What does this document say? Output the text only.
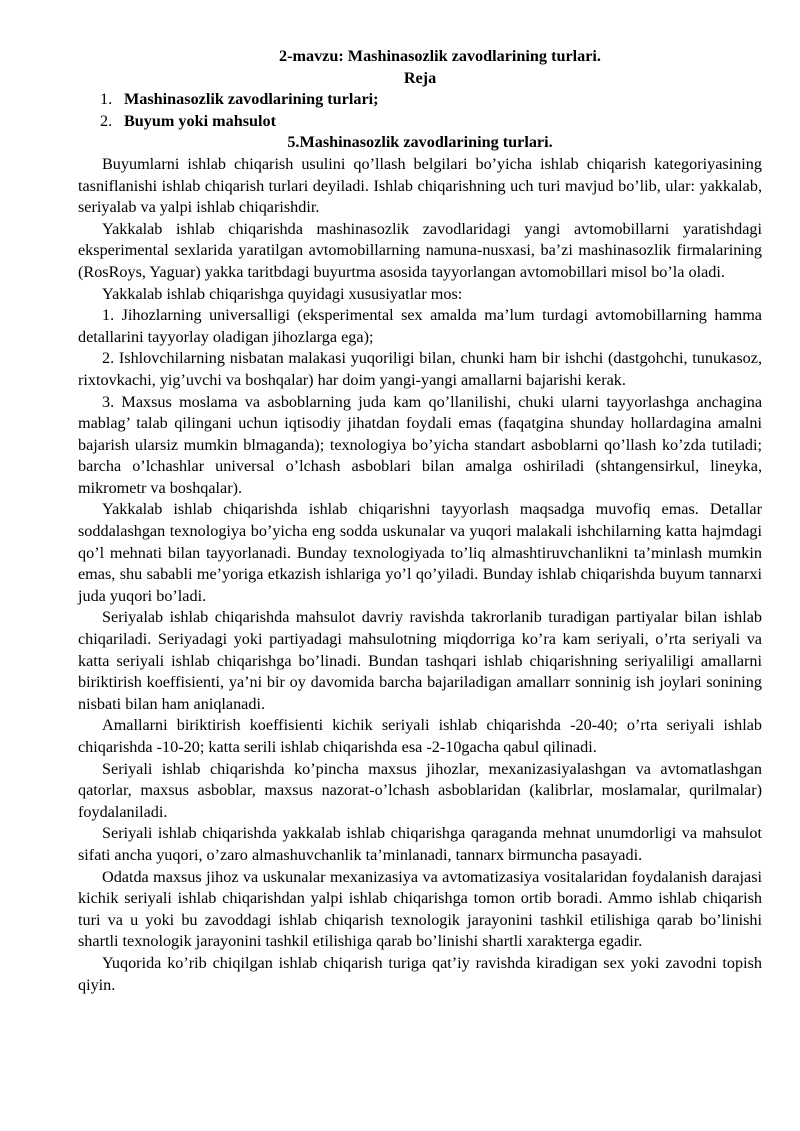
2-mavzu: Mashinasozlik zavodlarining turlari.
Reja
1. Mashinasozlik zavodlarining turlari;
2. Buyum yoki mahsulot
5.Mashinasozlik zavodlarining turlari.

Buyumlarni ishlab chiqarish usulini qo’llash belgilari bo’yicha ishlab chiqarish kategoriyasining tasniflanishi ishlab chiqarish turlari deyiladi. Ishlab chiqarishning uch turi mavjud bo’lib, ular: yakkalab, seriyalab va yalpi ishlab chiqarishdir.

Yakkalab ishlab chiqarishda mashinasozlik zavodlaridagi yangi avtomobillarni yaratishdagi eksperimental sexlarida yaratilgan avtomobillarning namuna-nusxasi, ba’zi mashinasozlik firmalarining (RosRoys, Yaguar) yakka taritbdagi buyurtma asosida tayyorlangan avtomobillari misol bo’la oladi.

Yakkalab ishlab chiqarishga quyidagi xususiyatlar mos:

1. Jihozlarning universalligi (eksperimental sex amalda ma’lum turdagi avtomobillarning hamma detallarini tayyorlay oladigan jihozlarga ega);

2. Ishlovchilarning nisbatan malakasi yuqoriligi bilan, chunki ham bir ishchi (dastgohchi, tunukasoz, rixtovkachi, yig’uvchi va boshqalar) har doim yangi-yangi amallarni bajarishi kerak.

3. Maxsus moslama va asboblarning juda kam qo’llanilishi, chuki ularni tayyorlashga anchagina mablag’ talab qilingani uchun iqtisodiy jihatdan foydali emas (faqatgina shunday hollardagina amalni bajarish ularsiz mumkin blmaganda); texnologiya bo’yicha standart asboblarni qo’llash ko’zda tutiladi; barcha o’lchashlar universal o’lchash asboblari bilan amalga oshiriladi (shtangensirkul, lineyka, mikrometr va boshqalar).

Yakkalab ishlab chiqarishda ishlab chiqarishni tayyorlash maqsadga muvofiq emas. Detallar soddalashgan texnologiya bo’yicha eng sodda uskunalar va yuqori malakali ishchilarning katta hajmdagi qo’l mehnati bilan tayyorlanadi. Bunday texnologiyada to’liq almashtiruvchanlikni ta’minlash mumkin emas, shu sababli me’yoriga etkazish ishlariga yo’l qo’yiladi. Bunday ishlab chiqarishda buyum tannarxi juda yuqori bo’ladi.

Seriyalab ishlab chiqarishda mahsulot davriy ravishda takrorlanib turadigan partiyalar bilan ishlab chiqariladi. Seriyadagi yoki partiyadagi mahsulotning miqdorriga ko’ra kam seriyali, o’rta seriyali va katta seriyali ishlab chiqarishga bo’linadi. Bundan tashqari ishlab chiqarishning seriyaliligi amallarni biriktirish koeffisienti, ya’ni bir oy davomida barcha bajariladigan amallarr sonninig ish joylari sonining nisbati bilan ham aniqlanadi.

Amallarni biriktirish koeffisienti kichik seriyali ishlab chiqarishda -20-40; o’rta seriyali ishlab chiqarishda -10-20; katta serili ishlab chiqarishda esa -2-10gacha qabul qilinadi.

Seriyali ishlab chiqarishda ko’pincha maxsus jihozlar, mexanizasiyalashgan va avtomatlashgan qatorlar, maxsus asboblar, maxsus nazorat-o’lchash asboblaridan (kalibrlar, moslamalar, qurilmalar) foydalaniladi.

Seriyali ishlab chiqarishda yakkalab ishlab chiqarishga qaraganda mehnat unumdorligi va mahsulot sifati ancha yuqori, o’zaro almashuvchanlik ta’minlanadi, tannarx birmuncha pasayadi.

Odatda maxsus jihoz va uskunalar mexanizasiya va avtomatizasiya vositalaridan foydalanish darajasi kichik seriyali ishlab chiqarishdan yalpi ishlab chiqarishga tomon ortib boradi. Ammo ishlab chiqarish turi va u yoki bu zavoddagi ishlab chiqarish texnologik jarayonini tashkil etilishiga qarab bo’linishi shartli texnologik jarayonini tashkil etilishiga qarab bo’linishi shartli xarakterga egadir.

Yuqorida ko’rib chiqilgan ishlab chiqarish turiga qat’iy ravishda kiradigan sex yoki zavodni topish qiyin.
